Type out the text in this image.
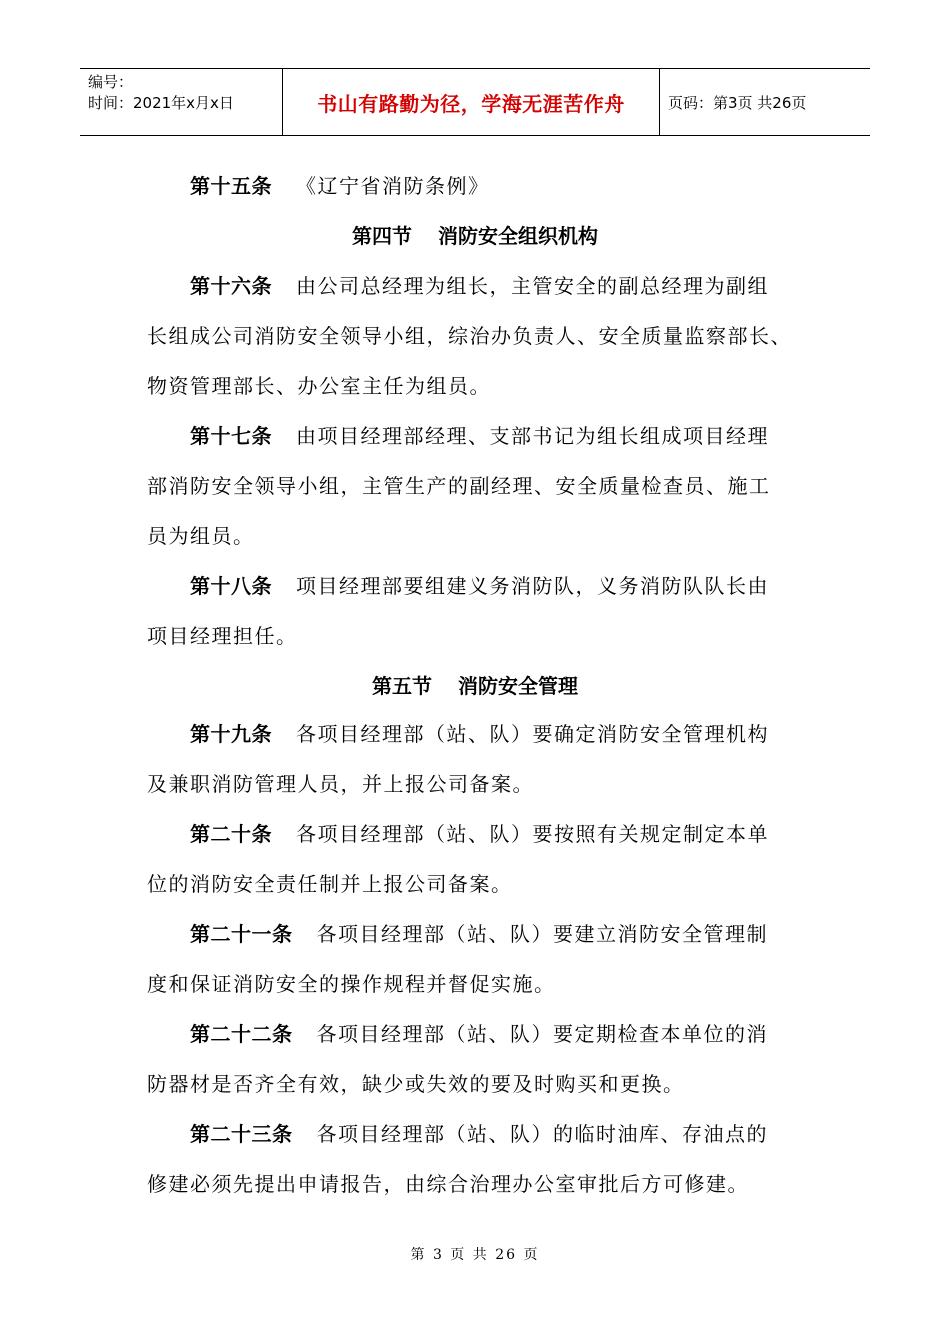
编号：
时间：2021年x月x日	书山有路勤为径，学海无涯苦作舟	页码：第3页 共26页
第十五条 《辽宁省消防条例》
第四节 消防安全组织机构
第十六条 由公司总经理为组长，主管安全的副总经理为副组
长组成公司消防安全领导小组，综治办负责人、安全质量监察部长、
物资管理部长、办公室主任为组员。
第十七条 由项目经理部经理、支部书记为组长组成项目经理
部消防安全领导小组，主管生产的副经理、安全质量检查员、施工
员为组员。
第十八条 项目经理部要组建义务消防队，义务消防队队长由
项目经理担任。
第五节 消防安全管理
第十九条 各项目经理部（站、队）要确定消防安全管理机构
及兼职消防管理人员，并上报公司备案。
第二十条 各项目经理部（站、队）要按照有关规定制定本单
位的消防安全责任制并上报公司备案。
第二十一条 各项目经理部（站、队）要建立消防安全管理制
度和保证消防安全的操作规程并督促实施。
第二十二条 各项目经理部（站、队）要定期检查本单位的消
防器材是否齐全有效，缺少或失效的要及时购买和更换。
第二十三条 各项目经理部（站、队）的临时油库、存油点的
修建必须先提出申请报告，由综合治理办公室审批后方可修建。
第 3 页 共 26 页
